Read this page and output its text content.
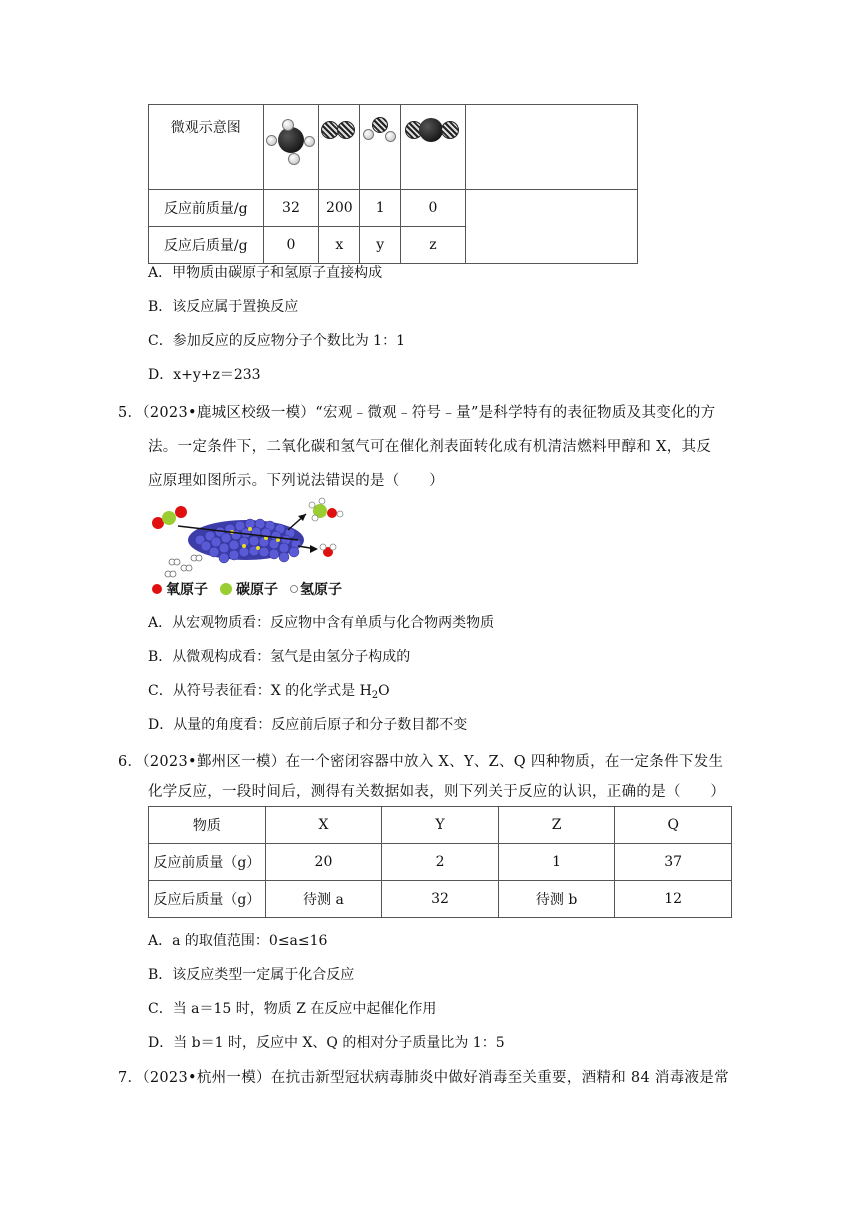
微观示意图	

反应前质量/g	32	200	1	0	
反应后质量/g	0	x	y	z	
A．甲物质由碳原子和氢原子直接构成
B．该反应属于置换反应
C．参加反应的反应物分子个数比为 1：1
D．x+y+z＝233
5．（2023•鹿城区校级一模）“宏观﹣微观﹣符号﹣量”是科学特有的表征物质及其变化的方
法。一定条件下，二氧化碳和氢气可在催化剂表面转化成有机清洁燃料甲醇和 X，其反
应原理如图所示。下列说法错误的是（　　）
氧原子 碳原子 氢原子
A．从宏观物质看：反应物中含有单质与化合物两类物质
B．从微观构成看：氢气是由氢分子构成的
C．从符号表征看：X 的化学式是 $H_2O$
D．从量的角度看：反应前后原子和分子数目都不变
6．（2023•鄞州区一模）在一个密闭容器中放入 X、Y、Z、Q 四种物质，在一定条件下发生
化学反应，一段时间后，测得有关数据如表，则下列关于反应的认识，正确的是（　　）
物质	X	Y	Z	Q
反应前质量（g）	20	2	1	37
反应后质量（g）	待测 a	32	待测 b	12
A．a 的取值范围：0≤a≤16
B．该反应类型一定属于化合反应
C．当 a＝15 时，物质 Z 在反应中起催化作用
D．当 b＝1 时，反应中 X、Q 的相对分子质量比为 1：5
7．（2023•杭州一模）在抗击新型冠状病毒肺炎中做好消毒至关重要，酒精和 84 消毒液是常
